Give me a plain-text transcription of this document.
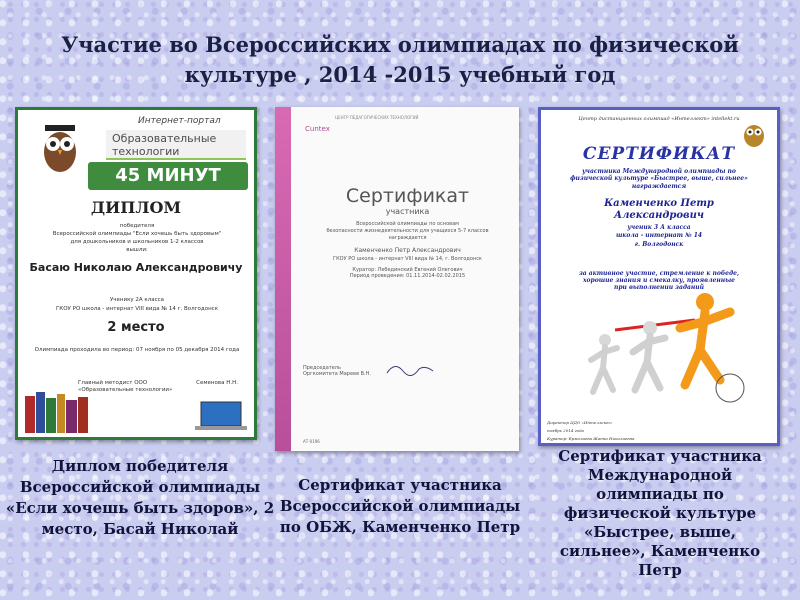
Участие во Всероссийских олимпиадах по физической культуре , 2014 -2015 учебный год
Интернет-портал
Образовательные технологии
45 МИНУТ
ДИПЛОМ
победителя
Всероссийской олимпиады "Если хочешь быть здоровым"
для дошкольников и школьников 1-2 классов
вышли:
Басаю Николаю Александровичу
Ученику 2А класса
ГКОУ РО школа - интернат VIII вида № 14 г. Волгодонск
2 место
Олимпиада проходила во период: 07 ноября по 05 декабря 2014 года
Главный методист ООО «Образовательные технологии»
Семенова Н.Н.
Cuntex
ЦЕНТР ПЕДАГОГИЧЕСКИХ ТЕХНОЛОГИЙ
Сертификат
участника
Всероссийской олимпиады по основам
безопасности жизнедеятельности для учащихся 5-7 классов
награждается
Каменченко Петр Александрович
ГКОУ РО школа - интернат VIII вида № 14, г. Волгодонск
Куратор: Лебединский Евгений Олегович
Период проведения: 01.11.2014-02.02.2015
Председатель
Оргкомитета Мареев В.Н.
АТ-0196
Центр дистанционных олимпиад «Интеллект» intellekt.ru
СЕРТИФИКАТ
участника Международной олимпиады по
физической культуре «Быстрее, выше, сильнее»
награждается
Каменченко Петр
Александрович
ученик 3 А класса
школа - интернат № 14
г. Волгодонск
за активное участие, стремление к победе,
хорошие знания и смекалку, проявленные
при выполнении заданий
Директор ЦДО «Интеллект»
ноябрь 2014 года
Куратор: Ермолаева Жанна Николаевна
Диплом победителя Всероссийской олимпиады «Если хочешь быть здоров», 2 место, Басай Николай
Сертификат участника Всероссийской олимпиады по ОБЖ, Каменченко Петр
Сертификат участника Международной олимпиады по физической культуре «Быстрее, выше, сильнее», Каменченко Петр
